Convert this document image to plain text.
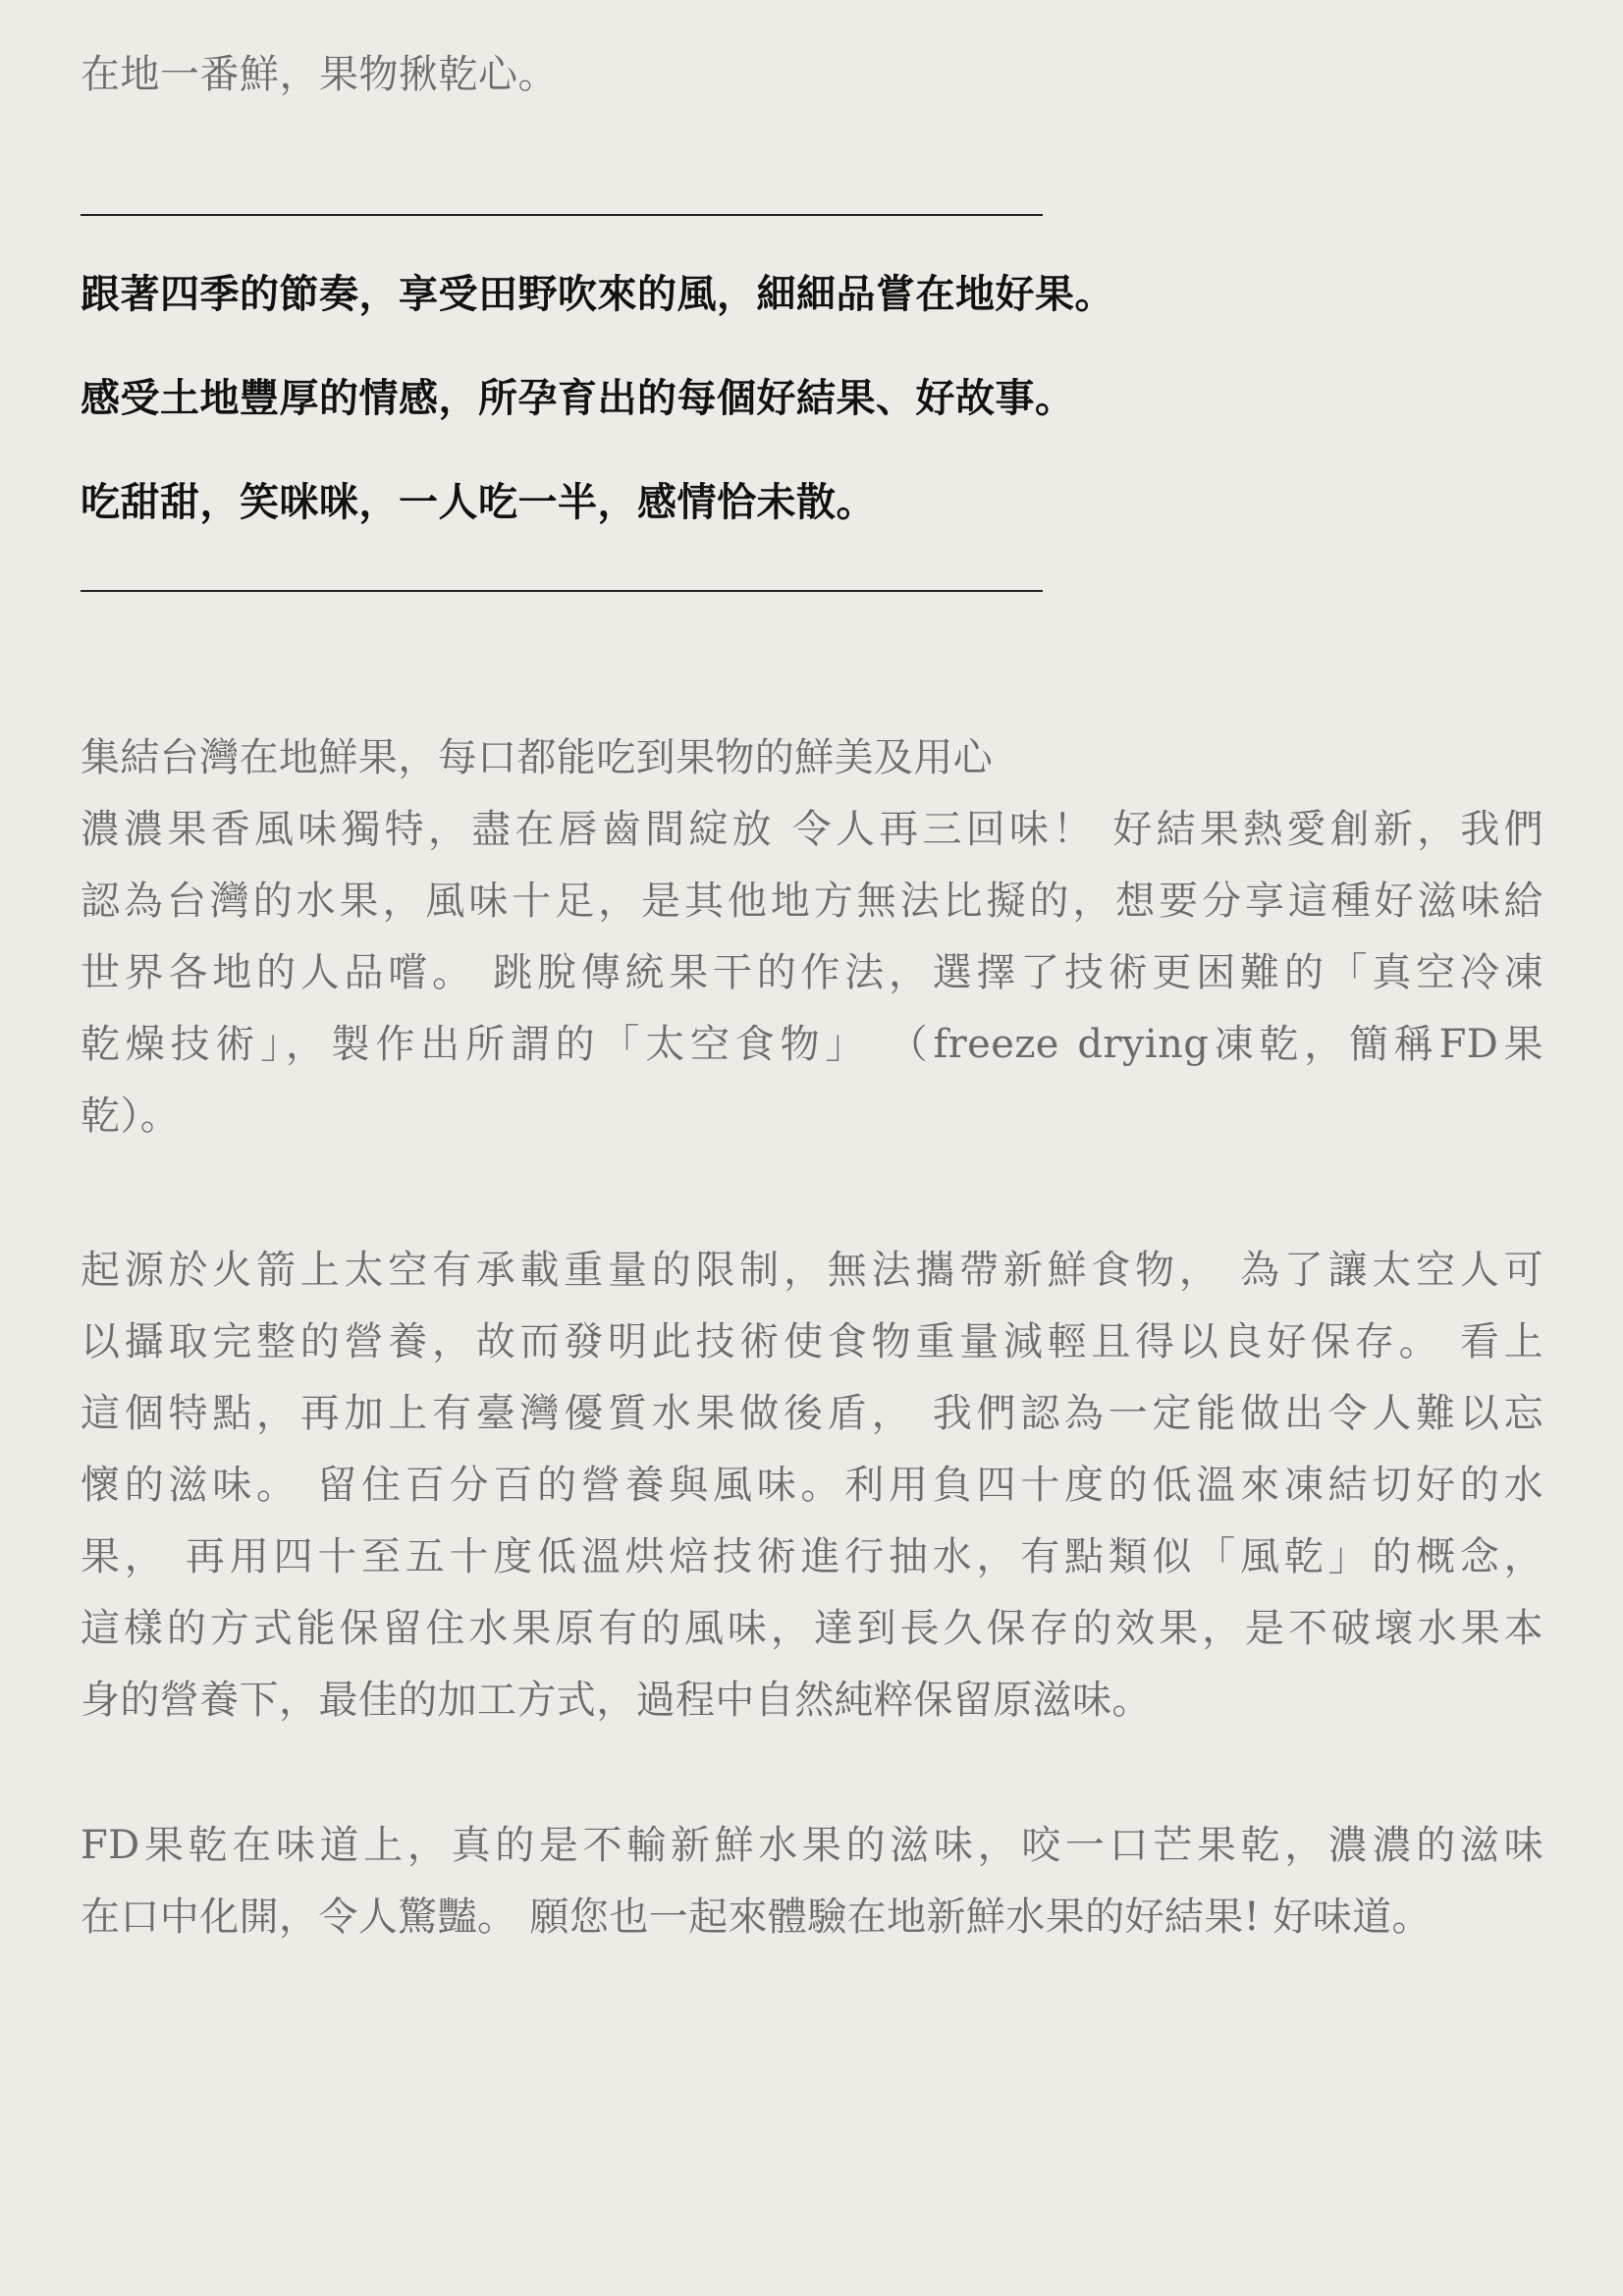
在地一番鮮，果物揪乾心。
跟著四季的節奏，享受田野吹來的風，細細品嘗在地好果。
感受土地豐厚的情感，所孕育出的每個好結果、好故事。
吃甜甜，笑咪咪，一人吃一半，感情恰未散。
集結台灣在地鮮果，每口都能吃到果物的鮮美及用心
濃濃果香風味獨特，盡在唇齒間綻放 令人再三回味！ 好結果熱愛創新，我們
認為台灣的水果，風味十足，是其他地方無法比擬的，想要分享這種好滋味給
世界各地的人品嚐。 跳脫傳統果干的作法，選擇了技術更困難的「真空冷凍
乾燥技術」，製作出所謂的「太空食物」 （freeze drying凍乾，簡稱FD果
乾）。
起源於火箭上太空有承載重量的限制，無法攜帶新鮮食物， 為了讓太空人可
以攝取完整的營養，故而發明此技術使食物重量減輕且得以良好保存。 看上
這個特點，再加上有臺灣優質水果做後盾， 我們認為一定能做出令人難以忘
懷的滋味。 留住百分百的營養與風味。利用負四十度的低溫來凍結切好的水
果， 再用四十至五十度低溫烘焙技術進行抽水，有點類似「風乾」的概念，
這樣的方式能保留住水果原有的風味，達到長久保存的效果，是不破壞水果本
身的營養下，最佳的加工方式，過程中自然純粹保留原滋味。
FD果乾在味道上，真的是不輸新鮮水果的滋味，咬一口芒果乾，濃濃的滋味
在口中化開，令人驚豔。 願您也一起來體驗在地新鮮水果的好結果! 好味道。
